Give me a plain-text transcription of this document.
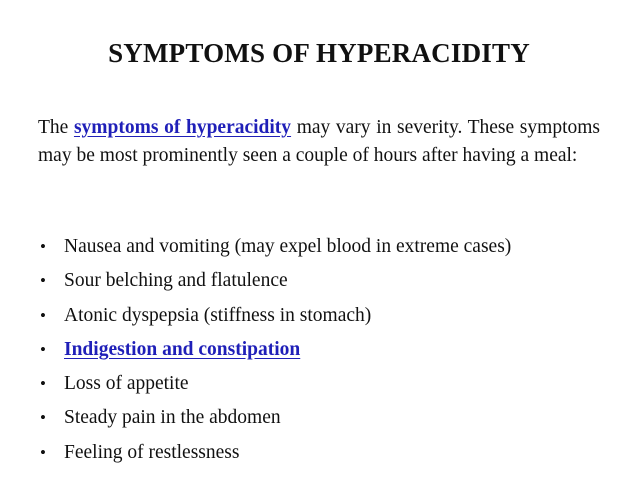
SYMPTOMS OF HYPERACIDITY

The symptoms of hyperacidity may vary in severity. These symptoms may be most prominently seen a couple of hours after having a meal:

• Nausea and vomiting (may expel blood in extreme cases)
• Sour belching and flatulence
• Atonic dyspepsia (stiffness in stomach)
• Indigestion and constipation
• Loss of appetite
• Steady pain in the abdomen
• Feeling of restlessness
